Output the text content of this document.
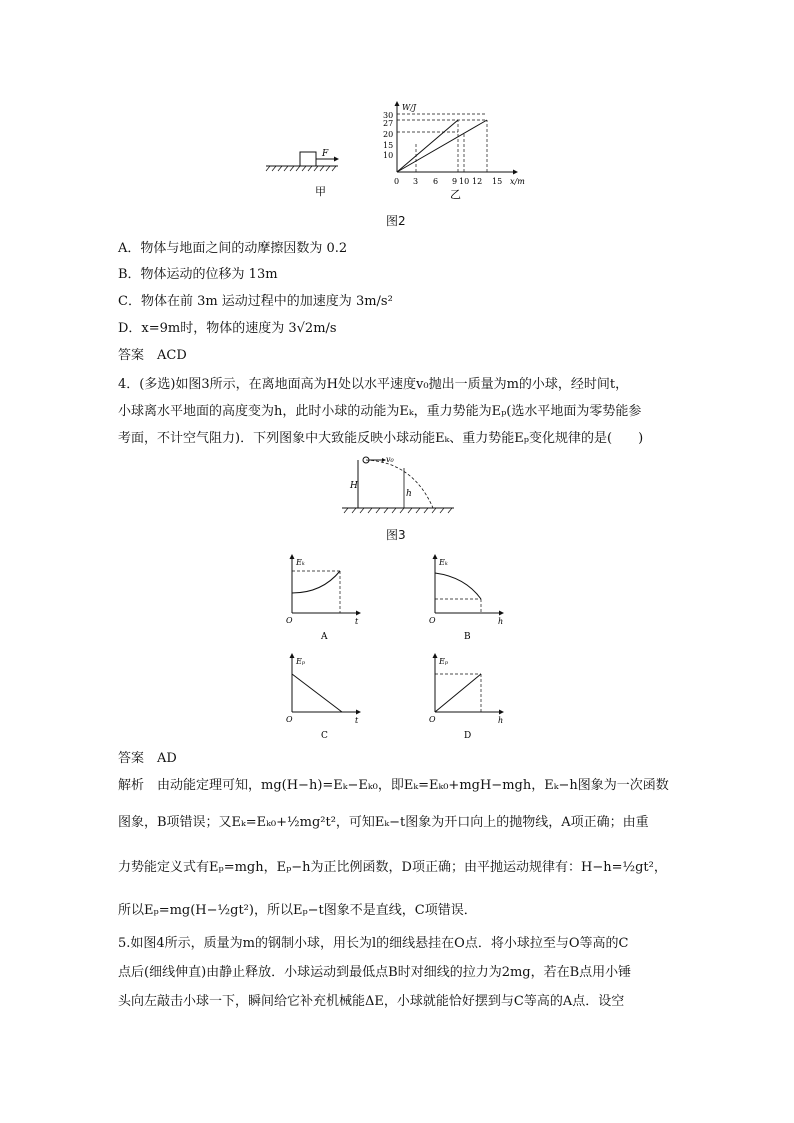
F
甲
W/J
x/m
30
27
20
15
10
0 3 6 9 10 12 15
乙
图2
A．物体与地面之间的动摩擦因数为 0.2
B．物体运动的位移为 13m
C．物体在前 3m 运动过程中的加速度为 3m/s²
D．x=9m时，物体的速度为 3√2m/s
答案　ACD
4．(多选)如图3所示，在离地面高为H处以水平速度v₀抛出一质量为m的小球，经时间t，
小球离水平地面的高度变为h，此时小球的动能为Eₖ，重力势能为Eₚ(选水平地面为零势能参
考面，不计空气阻力)．下列图象中大致能反映小球动能Eₖ、重力势能Eₚ变化规律的是(　　)
v₀
H
h
图3
Eₖ
t
O
A
Eₖ
h
O
B
Eₚ
t
O
C
Eₚ
h
O
D
答案　AD
解析　由动能定理可知，mg(H−h)=Eₖ−Eₖ₀，即Eₖ=Eₖ₀+mgH−mgh，Eₖ−h图象为一次函数
图象，B项错误；又Eₖ=Eₖ₀+½mg²t²，可知Eₖ−t图象为开口向上的抛物线，A项正确；由重
力势能定义式有Eₚ=mgh，Eₚ−h为正比例函数，D项正确；由平抛运动规律有：H−h=½gt²，
所以Eₚ=mg(H−½gt²)，所以Eₚ−t图象不是直线，C项错误．
5.如图4所示，质量为m的钢制小球，用长为l的细线悬挂在O点．将小球拉至与O等高的C
点后(细线伸直)由静止释放．小球运动到最低点B时对细线的拉力为2mg，若在B点用小锤
头向左敲击小球一下，瞬间给它补充机械能ΔE，小球就能恰好摆到与C等高的A点．设空
